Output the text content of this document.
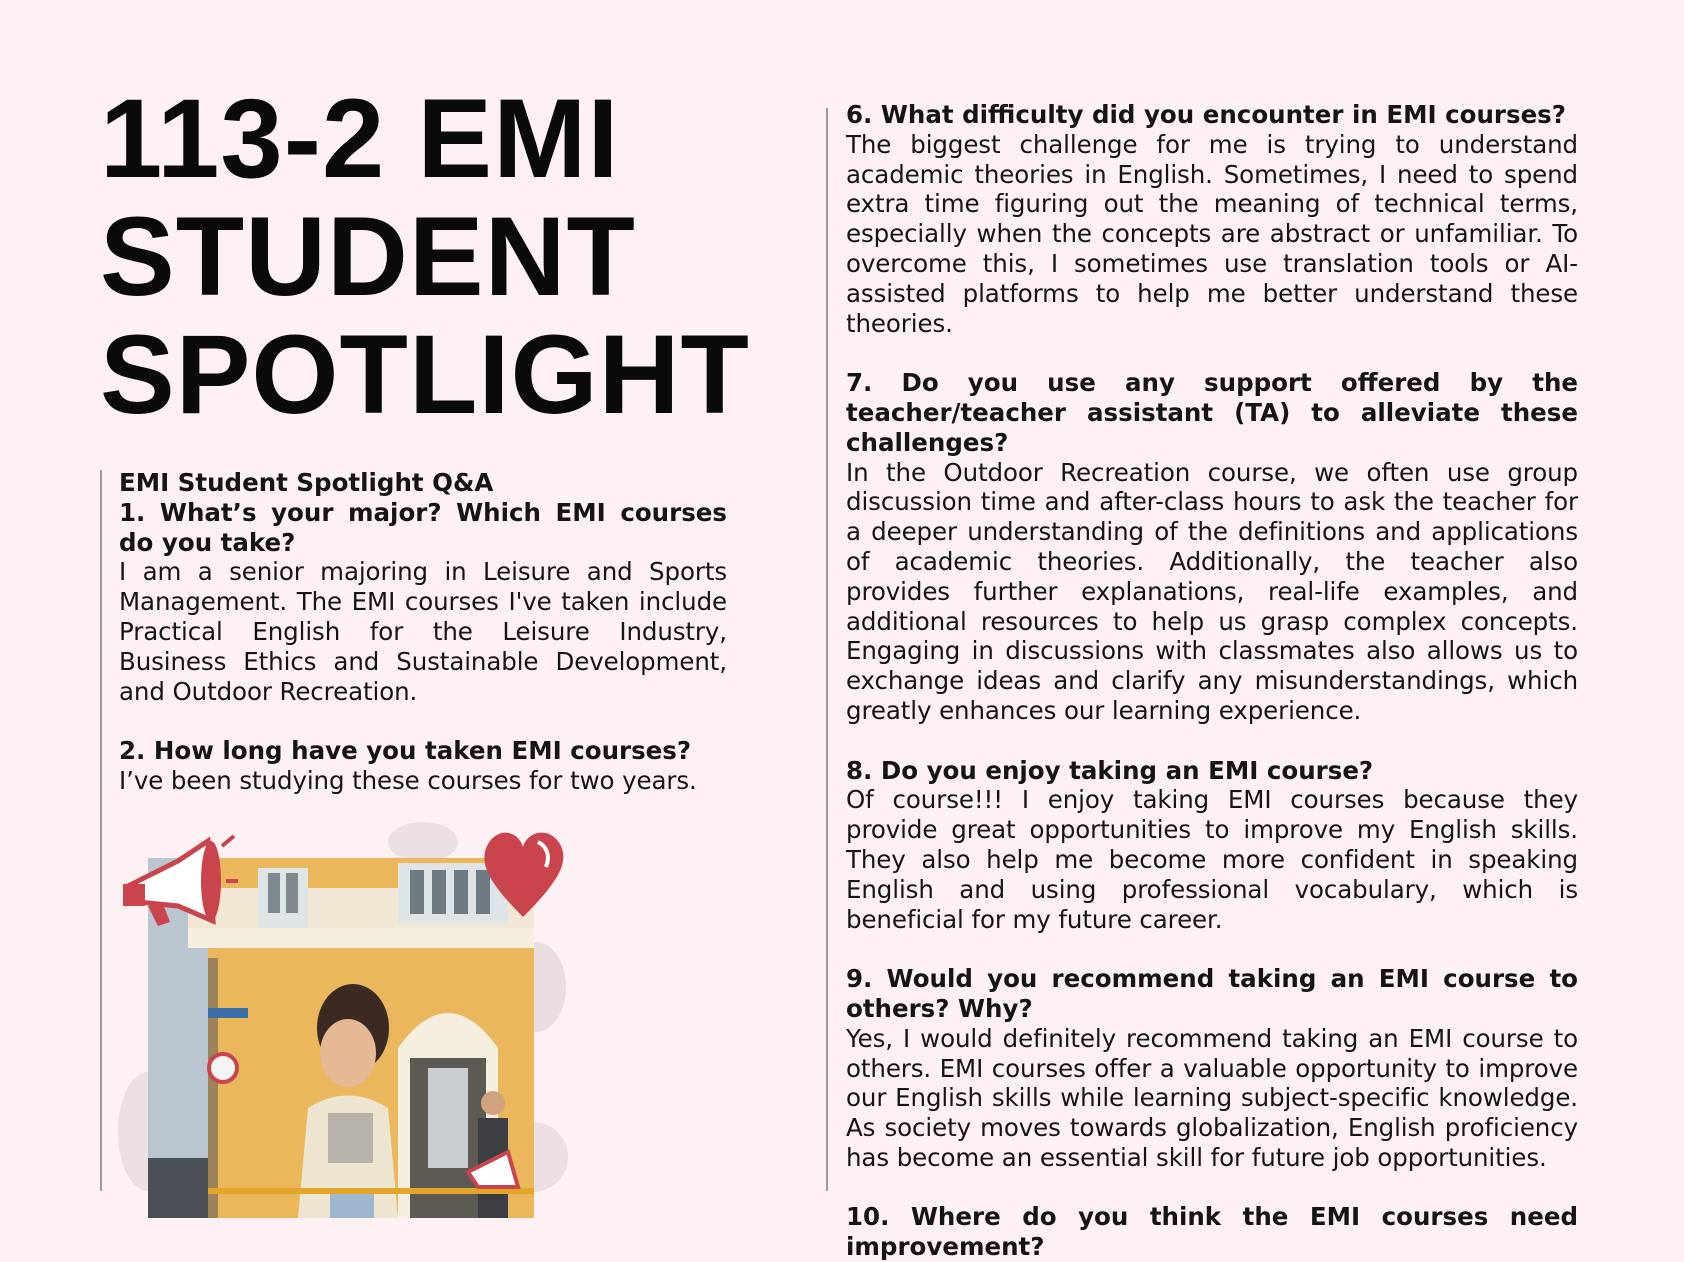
113-2 EMI
STUDENT
SPOTLIGHT

EMI Student Spotlight Q&A

1. What’s your major? Which EMI courses do you take?

I am a senior majoring in Leisure and Sports Management. The EMI courses I've taken include Practical English for the Leisure Industry, Business Ethics and Sustainable Development, and Outdoor Recreation.

2. How long have you taken EMI courses?

I’ve been studying these courses for two years.

6. What difficulty did you encounter in EMI courses?

The biggest challenge for me is trying to understand academic theories in English. Sometimes, I need to spend extra time figuring out the meaning of technical terms, especially when the concepts are abstract or unfamiliar. To overcome this, I sometimes use translation tools or AI-assisted platforms to help me better understand these theories.

7. Do you use any support offered by the teacher/teacher assistant (TA) to alleviate these challenges?

In the Outdoor Recreation course, we often use group discussion time and after-class hours to ask the teacher for a deeper understanding of the definitions and applications of academic theories. Additionally, the teacher also provides further explanations, real-life examples, and additional resources to help us grasp complex concepts. Engaging in discussions with classmates also allows us to exchange ideas and clarify any misunderstandings, which greatly enhances our learning experience.

8. Do you enjoy taking an EMI course?

Of course!!! I enjoy taking EMI courses because they provide great opportunities to improve my English skills. They also help me become more confident in speaking English and using professional vocabulary, which is beneficial for my future career.

9. Would you recommend taking an EMI course to others? Why?

Yes, I would definitely recommend taking an EMI course to others. EMI courses offer a valuable opportunity to improve our English skills while learning subject-specific knowledge. As society moves towards globalization, English proficiency has become an essential skill for future job opportunities.

10. Where do you think the EMI courses need improvement?
